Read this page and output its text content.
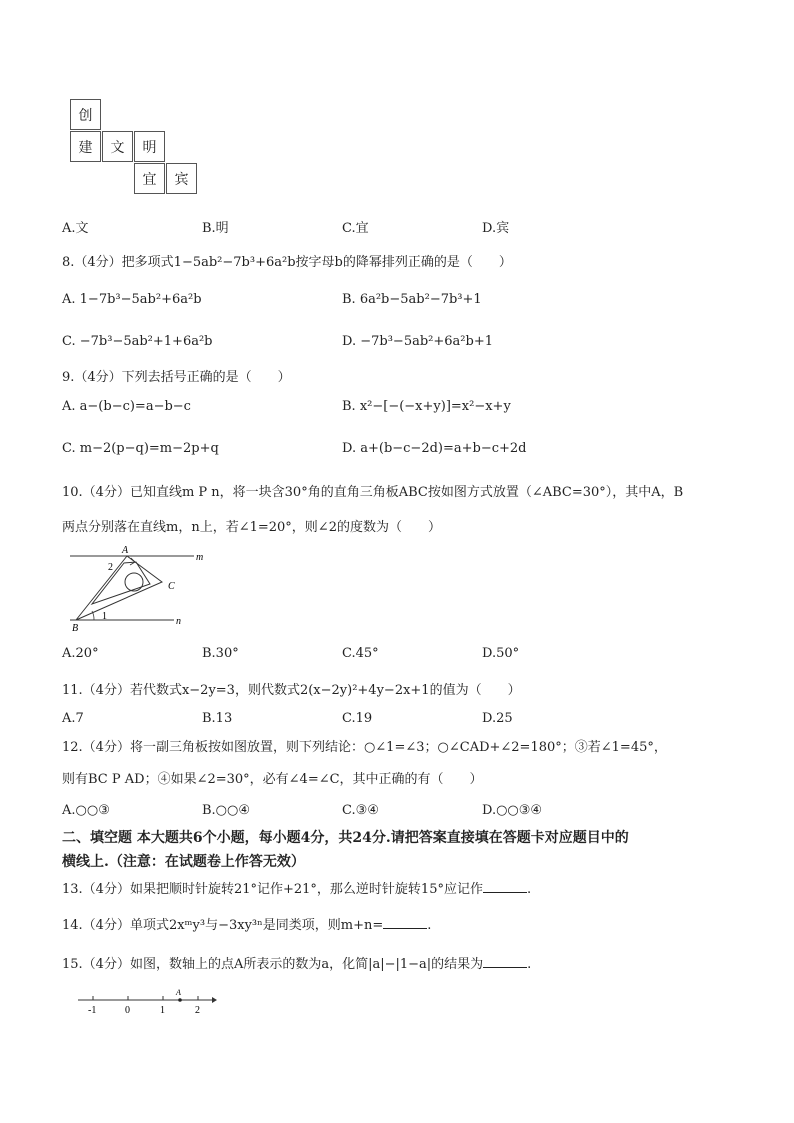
创
建	文	明
宜	宾
A.文	B.明	C.宜	D.宾
8.（4分）把多项式1−5ab²−7b³+6a²b按字母b的降幂排列正确的是（　　）
A. 1−7b³−5ab²+6a²b	B. 6a²b−5ab²−7b³+1
C. −7b³−5ab²+1+6a²b	D. −7b³−5ab²+6a²b+1
9.（4分）下列去括号正确的是（　　）
A. a−(b−c)=a−b−c	B. x²−[−(−x+y)]=x²−x+y
C. m−2(p−q)=m−2p+q	D. a+(b−c−2d)=a+b−c+2d
10.（4分）已知直线m P n，将一块含30°角的直角三角板ABC按如图方式放置（∠ABC=30°），其中A，B
两点分别落在直线m，n上，若∠1=20°，则∠2的度数为（　　）
A
2
C
B
1
m
n
A.20°	B.30°	C.45°	D.50°
11.（4分）若代数式x−2y=3，则代数式2(x−2y)²+4y−2x+1的值为（　　）
A.7	B.13	C.19	D.25
12.（4分）将一副三角板按如图放置，则下列结论：○∠1=∠3；○∠CAD+∠2=180°；③若∠1=45°，
则有BC P AD；④如果∠2=30°，必有∠4=∠C，其中正确的有（　　）
A.○○③	B.○○④	C.③④	D.○○③④
二、填空题 本大题共6个小题，每小题4分，共24分.请把答案直接填在答题卡对应题目中的
横线上.（注意：在试题卷上作答无效）
13.（4分）如果把顺时针旋转21°记作+21°，那么逆时针旋转15°应记作	.
14.（4分）单项式2xᵐy³与−3xy³ⁿ是同类项，则m+n=	.
15.（4分）如图，数轴上的点A所表示的数为a，化简|a|−|1−a|的结果为	.
A
-1	0	1	2
